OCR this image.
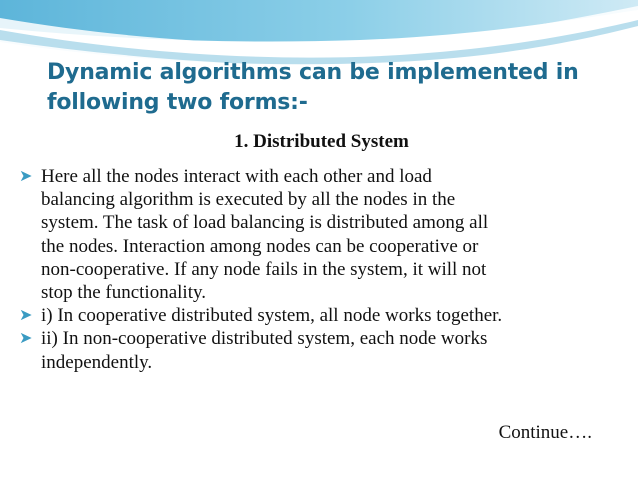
Dynamic algorithms can be implemented in
following two forms:-
1. Distributed System
➤ Here all the nodes interact with each other and load
balancing algorithm is executed by all the nodes in the
system. The task of load balancing is distributed among all
the nodes. Interaction among nodes can be cooperative or
non-cooperative. If any node fails in the system, it will not
stop the functionality.
➤ i) In cooperative distributed system, all node works together.
➤ ii) In non-cooperative distributed system, each node works
independently.
Continue….
